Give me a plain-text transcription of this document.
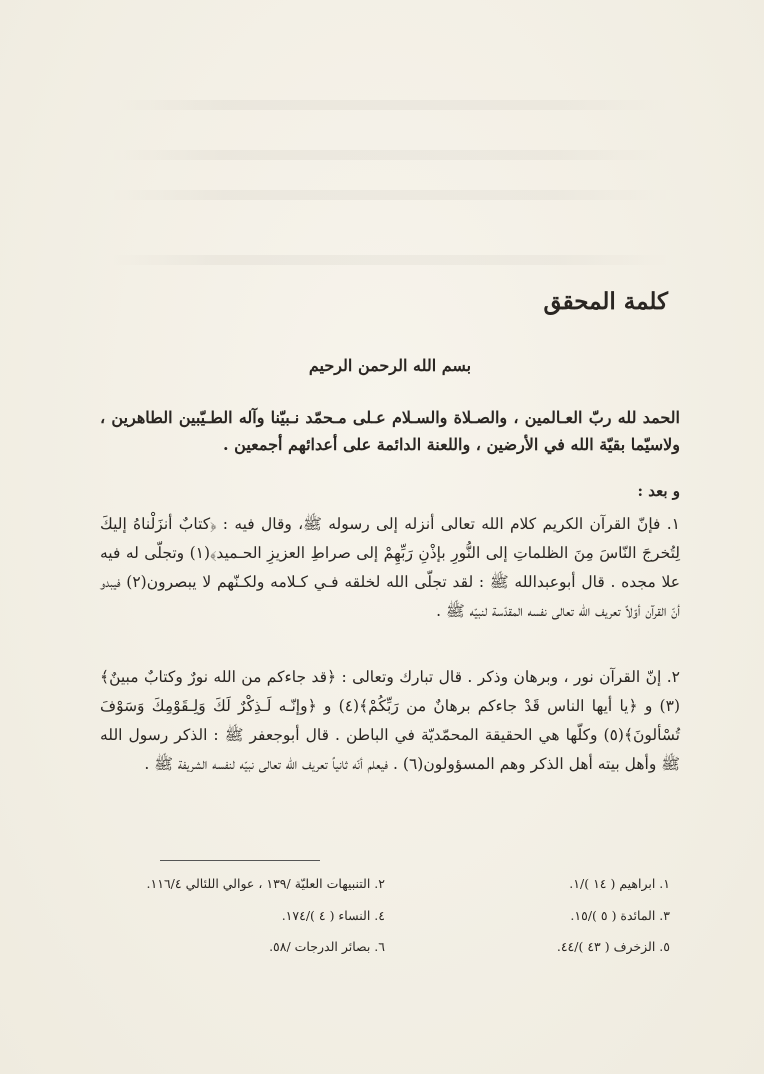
كلمة المحقق

بسم الله الرحمن الرحيم

الحمد لله ربّ العـالمين ، والصـلاة والسـلام عـلى مـحمّد نـبيّنا وآله الطـيّبين الطاهرين ، ولاسيّما بقيّة الله في الأرضين ، واللعنة الدائمة على أعدائهم أجمعين .

و بعد :

١. فإنّ القرآن الكريم كلام الله تعالى أنزله إلى رسوله ﷺ، وقال فيه : ﴿كتابٌ أنزَلْناهُ إليكَ لِتُخرجَ النّاسَ مِنَ الظلماتِ إلى النُّورِ بإذْنِ رَبِّهِمْ إلى صراطِ العزيزِ الحـميد﴾(١) وتجلّى له فيه علا مجده . قال أبوعبدالله ﷺ : لقد تجلّى الله لخلقه فـي كـلامه ولكـنّهم لا يبصرون(٢) فيبدو أنّ القرآن أوّلاً تعريف الله تعالى نفسه المقدّسة لنبيّه ﷺ .

٢. إنّ القرآن نور ، وبرهان وذكر . قال تبارك وتعالى : ﴿قد جاءكم من الله نورٌ وكتابٌ مبينٌ﴾(٣) و ﴿يا أيها الناس قَدْ جاءكم برهانٌ من رَبِّكُمْ﴾(٤) و ﴿وإنّـه لَـذِكْرٌ لَكَ وَلِـقَوْمِكَ وَسَوْفَ تُسْألونَ﴾(٥) وكلّها هي الحقيقة المحمّديّة في الباطن . قال أبوجعفر ﷺ : الذكر رسول الله ﷺ وأهل بيته أهل الذكر وهم المسؤولون(٦) . فيعلم أنّه ثانياً تعريف الله تعالى نبيّه لنفسه الشريفة ﷺ .

١. ابراهيم ( ١٤ )/١.
٢. التنبيهات العليّة /١٣٩ ، عوالي اللئالي ١١٦/٤.
٣. المائدة ( ٥ )/١٥.
٤. النساء ( ٤ )/١٧٤.
٥. الزخرف ( ٤٣ )/٤٤.
٦. بصائر الدرجات /٥٨.
